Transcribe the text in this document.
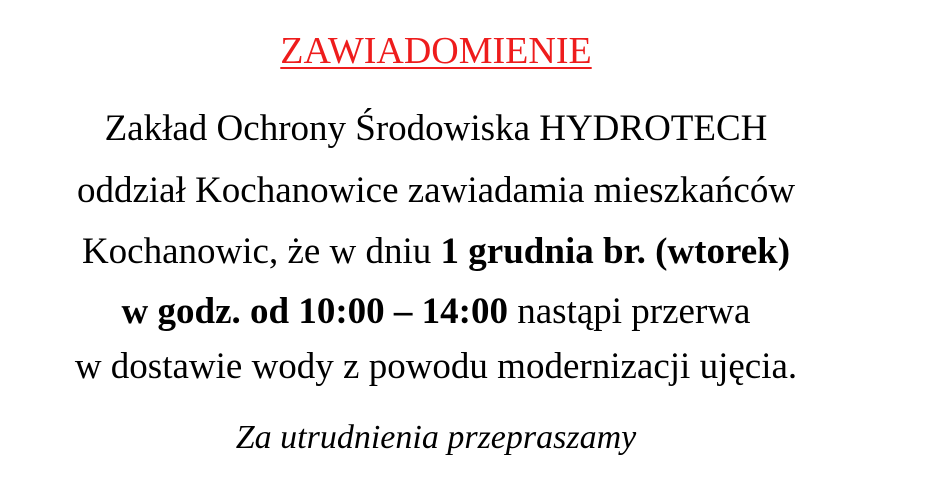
ZAWIADOMIENIE
Zakład Ochrony Środowiska HYDROTECH
oddział Kochanowice zawiadamia mieszkańców
Kochanowic, że w dniu 1 grudnia br. (wtorek)
w godz. od 10:00 – 14:00 nastąpi przerwa
w dostawie wody z powodu modernizacji ujęcia.
Za utrudnienia przepraszamy
